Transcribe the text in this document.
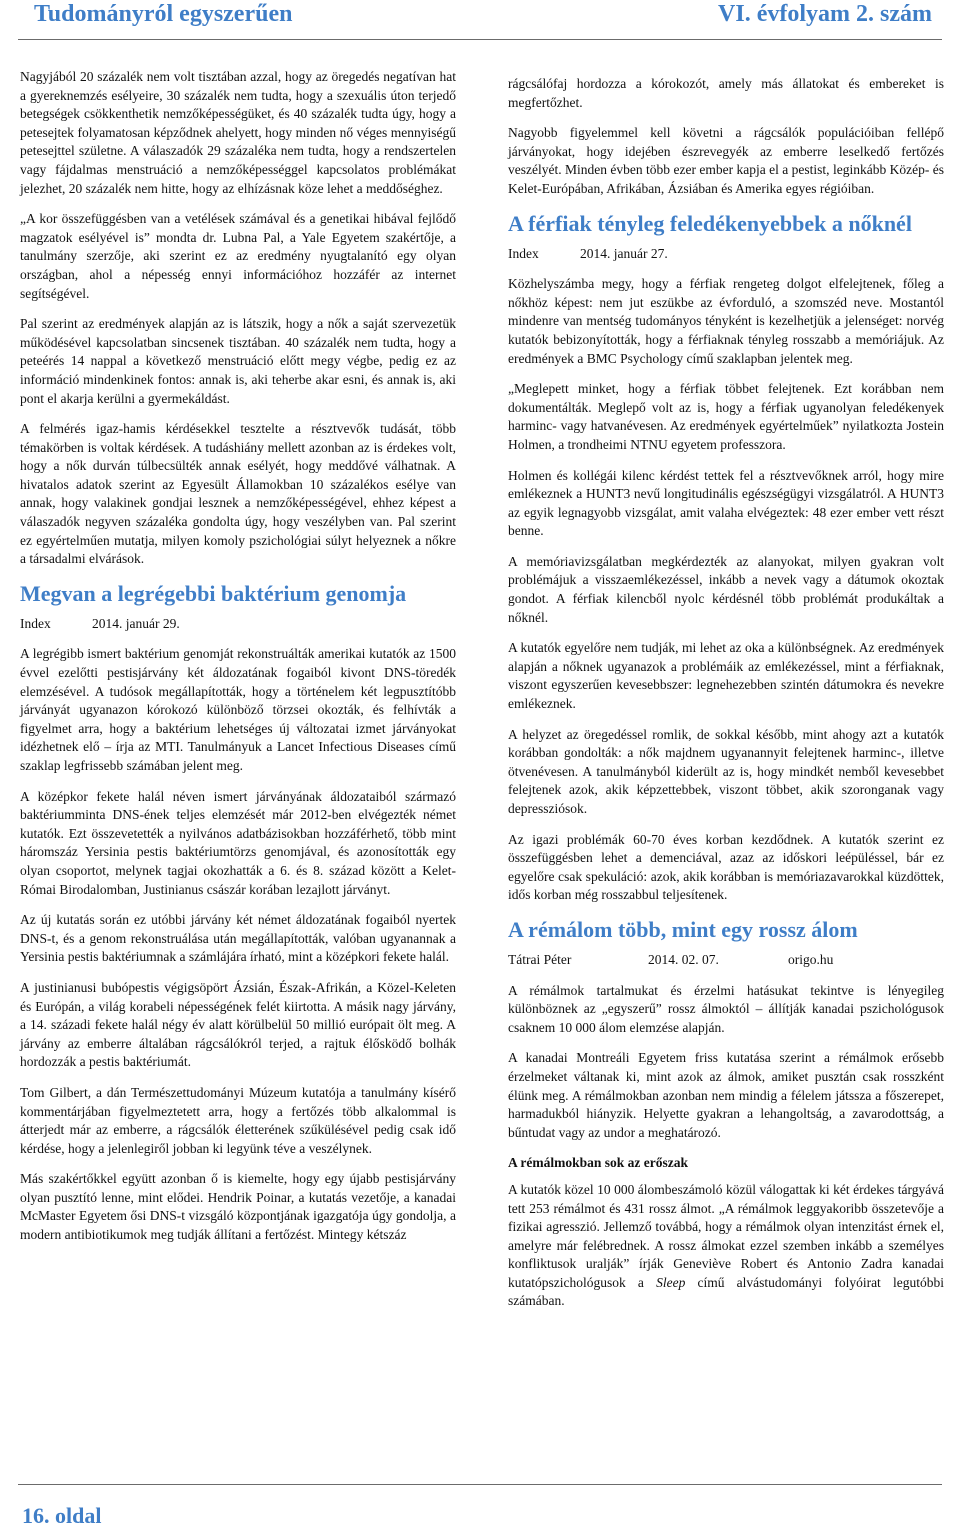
Tudományról egyszerűen	VI. évfolyam 2. szám

Nagyjából 20 százalék nem volt tisztában azzal, hogy az öregedés negatívan hat a gyereknemzés esélyeire, 30 százalék nem tudta, hogy a szexuális úton terjedő betegségek csökkenthetik nemzőképességüket, és 40 százalék tudta úgy, hogy a petesejtek folyamatosan képződnek ahelyett, hogy minden nő véges mennyiségű petesejttel születne. A válaszadók 29 százaléka nem tudta, hogy a rendszertelen vagy fájdalmas menstruáció a nemzőképességgel kapcsolatos problémákat jelezhet, 20 százalék nem hitte, hogy az elhízásnak köze lehet a meddőséghez.

„A kor összefüggésben van a vetélések számával és a genetikai hibával fejlődő magzatok esélyével is” mondta dr. Lubna Pal, a Yale Egyetem szakértője, a tanulmány szerzője, aki szerint ez az eredmény nyugtalanító egy olyan országban, ahol a népesség ennyi információhoz hozzáfér az internet segítségével.

Pal szerint az eredmények alapján az is látszik, hogy a nők a saját szervezetük működésével kapcsolatban sincsenek tisztában. 40 százalék nem tudta, hogy a peteérés 14 nappal a következő menstruáció előtt megy végbe, pedig ez az információ mindenkinek fontos: annak is, aki teherbe akar esni, és annak is, aki pont el akarja kerülni a gyermekáldást.

A felmérés igaz-hamis kérdésekkel tesztelte a résztvevők tudását, több témakörben is voltak kérdések. A tudáshiány mellett azonban az is érdekes volt, hogy a nők durván túlbecsülték annak esélyét, hogy meddővé válhatnak. A hivatalos adatok szerint az Egyesült Államokban 10 százalékos esélye van annak, hogy valakinek gondjai lesznek a nemzőképességével, ehhez képest a válaszadók negyven százaléka gondolta úgy, hogy veszélyben van. Pal szerint ez egyértelműen mutatja, milyen komoly pszichológiai súlyt helyeznek a nőkre a társadalmi elvárások.

Megvan a legrégebbi baktérium genomja
Index	2014. január 29.

A legrégibb ismert baktérium genomját rekonstruálták amerikai kutatók az 1500 évvel ezelőtti pestisjárvány két áldozatának fogaiból kivont DNS-töredék elemzésével. A tudósok megállapították, hogy a történelem két legpusztítóbb járványát ugyanazon kórokozó különböző törzsei okozták, és felhívták a figyelmet arra, hogy a baktérium lehetséges új változatai izmet járványokat idézhetnek elő – írja az MTI. Tanulmányuk a Lancet Infectious Diseases című szaklap legfrissebb számában jelent meg.

A középkor fekete halál néven ismert járványának áldozataiból származó baktériumminta DNS-ének teljes elemzését már 2012-ben elvégezték német kutatók. Ezt összevetették a nyilvános adatbázisokban hozzáférhető, több mint háromszáz Yersinia pestis baktériumtörzs genomjával, és azonosították egy olyan csoportot, melynek tagjai okozhatták a 6. és 8. század között a Kelet-Római Birodalomban, Justinianus császár korában lezajlott járványt.

Az új kutatás során ez utóbbi járvány két német áldozatának fogaiból nyertek DNS-t, és a genom rekonstruálása után megállapították, valóban ugyanannak a Yersinia pestis baktériumnak a számlájára írható, mint a középkori fekete halál.

A justinianusi bubópestis végigsöpört Ázsián, Észak-Afrikán, a Közel-Keleten és Európán, a világ korabeli népességének felét kiirtotta. A másik nagy járvány, a 14. századi fekete halál négy év alatt körülbelül 50 millió európait ölt meg. A járvány az emberre általában rágcsálókról terjed, a rajtuk élősködő bolhák hordozzák a pestis baktériumát.

Tom Gilbert, a dán Természettudományi Múzeum kutatója a tanulmány kísérő kommentárjában figyelmeztetett arra, hogy a fertőzés több alkalommal is átterjedt már az emberre, a rágcsálók életterének szűkülésével pedig csak idő kérdése, hogy a jelenlegiről jobban ki legyünk téve a veszélynek.

Más szakértőkkel együtt azonban ő is kiemelte, hogy egy újabb pestisjárvány olyan pusztító lenne, mint elődei. Hendrik Poinar, a kutatás vezetője, a kanadai McMaster Egyetem ősi DNS-t vizsgáló központjának igazgatója úgy gondolja, a modern antibiotikumok meg tudják állítani a fertőzést. Mintegy kétszáz

rágcsálófaj hordozza a kórokozót, amely más állatokat és embereket is megfertőzhet.

Nagyobb figyelemmel kell követni a rágcsálók populációiban fellépő járványokat, hogy idejében észrevegyék az emberre leselkedő fertőzés veszélyét. Minden évben több ezer ember kapja el a pestist, leginkább Közép- és Kelet-Európában, Afrikában, Ázsiában és Amerika egyes régióiban.

A férfiak tényleg feledékenyebbek a nőknél
Index	2014. január 27.

Közhelyszámba megy, hogy a férfiak rengeteg dolgot elfelejtenek, főleg a nőkhöz képest: nem jut eszükbe az évforduló, a szomszéd neve. Mostantól mindenre van mentség tudományos tényként is kezelhetjük a jelenséget: norvég kutatók bebizonyították, hogy a férfiaknak tényleg rosszabb a memóriájuk. Az eredmények a BMC Psychology című szaklapban jelentek meg.

„Meglepett minket, hogy a férfiak többet felejtenek. Ezt korábban nem dokumentálták. Meglepő volt az is, hogy a férfiak ugyanolyan feledékenyek harminc- vagy hatvanévesen. Az eredmények egyértelműek” nyilatkozta Jostein Holmen, a trondheimi NTNU egyetem professzora.

Holmen és kollégái kilenc kérdést tettek fel a résztvevőknek arról, hogy mire emlékeznek a HUNT3 nevű longitudinális egészségügyi vizsgálatról. A HUNT3 az egyik legnagyobb vizsgálat, amit valaha elvégeztek: 48 ezer ember vett részt benne.

A memóriavizsgálatban megkérdezték az alanyokat, milyen gyakran volt problémájuk a visszaemlékezéssel, inkább a nevek vagy a dátumok okoztak gondot. A férfiak kilencből nyolc kérdésnél több problémát produkáltak a nőknél.

A kutatók egyelőre nem tudják, mi lehet az oka a különbségnek. Az eredmények alapján a nőknek ugyanazok a problémáik az emlékezéssel, mint a férfiaknak, viszont egyszerűen kevesebbszer: legnehezebben szintén dátumokra és nevekre emlékeznek.

A helyzet az öregedéssel romlik, de sokkal később, mint ahogy azt a kutatók korábban gondolták: a nők majdnem ugyanannyit felejtenek harminc-, illetve ötvenévesen. A tanulmányból kiderült az is, hogy mindkét nemből kevesebbet felejtenek azok, akik képzettebbek, viszont többet, akik szoronganak vagy depressziósok.

Az igazi problémák 60-70 éves korban kezdődnek. A kutatók szerint ez összefüggésben lehet a demenciával, azaz az időskori leépüléssel, bár ez egyelőre csak spekuláció: azok, akik korábban is memóriazavarokkal küzdöttek, idős korban még rosszabbul teljesítenek.

A rémálom több, mint egy rossz álom
Tátrai Péter	2014. 02. 07.	origo.hu

A rémálmok tartalmukat és érzelmi hatásukat tekintve is lényegileg különböznek az „egyszerű” rossz álmoktól – állítják kanadai pszichológusok csaknem 10 000 álom elemzése alapján.

A kanadai Montreáli Egyetem friss kutatása szerint a rémálmok erősebb érzelmeket váltanak ki, mint azok az álmok, amiket pusztán csak rosszként élünk meg. A rémálmokban azonban nem mindig a félelem játssza a főszerepet, harmadukból hiányzik. Helyette gyakran a lehangoltság, a zavarodottság, a bűntudat vagy az undor a meghatározó.

A rémálmokban sok az erőszak

A kutatók közel 10 000 álombeszámoló közül válogattak ki két érdekes tárgyává tett 253 rémálmot és 431 rossz álmot. „A rémálmok leggyakoribb összetevője a fizikai agresszió. Jellemző továbbá, hogy a rémálmok olyan intenzitást érnek el, amelyre már felébrednek. A rossz álmokat ezzel szemben inkább a személyes konfliktusok uralják” írják Geneviève Robert és Antonio Zadra kanadai kutatópszichológusok a Sleep című alvástudományi folyóirat legutóbbi számában.

16. oldal
